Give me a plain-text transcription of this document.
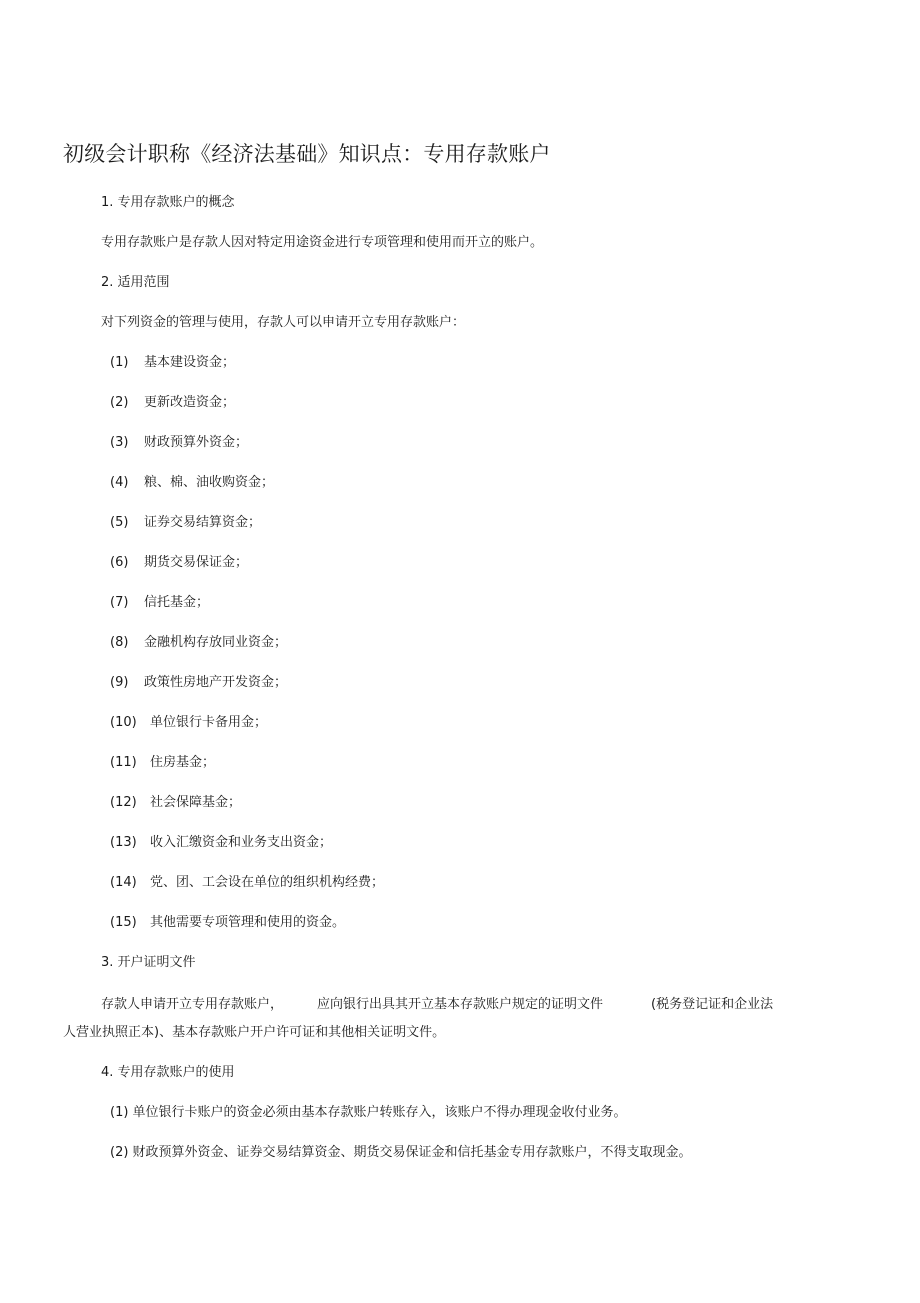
初级会计职称《经济法基础》知识点：专用存款账户
1. 专用存款账户的概念
专用存款账户是存款人因对特定用途资金进行专项管理和使用而开立的账户。
2. 适用范围
对下列资金的管理与使用，存款人可以申请开立专用存款账户：
(1) 基本建设资金；
(2) 更新改造资金；
(3) 财政预算外资金；
(4) 粮、棉、油收购资金；
(5) 证券交易结算资金；
(6) 期货交易保证金；
(7) 信托基金；
(8) 金融机构存放同业资金；
(9) 政策性房地产开发资金；
(10) 单位银行卡备用金；
(11) 住房基金；
(12) 社会保障基金；
(13) 收入汇缴资金和业务支出资金；
(14) 党、团、工会设在单位的组织机构经费；
(15) 其他需要专项管理和使用的资金。
3. 开户证明文件
存款人申请开立专用存款账户，	应向银行出具其开立基本存款账户规定的证明文件	(税务登记证和企业法
人营业执照正本)、基本存款账户开户许可证和其他相关证明文件。
4. 专用存款账户的使用
(1) 单位银行卡账户的资金必须由基本存款账户转账存入，该账户不得办理现金收付业务。
(2) 财政预算外资金、证券交易结算资金、期货交易保证金和信托基金专用存款账户，不得支取现金。
